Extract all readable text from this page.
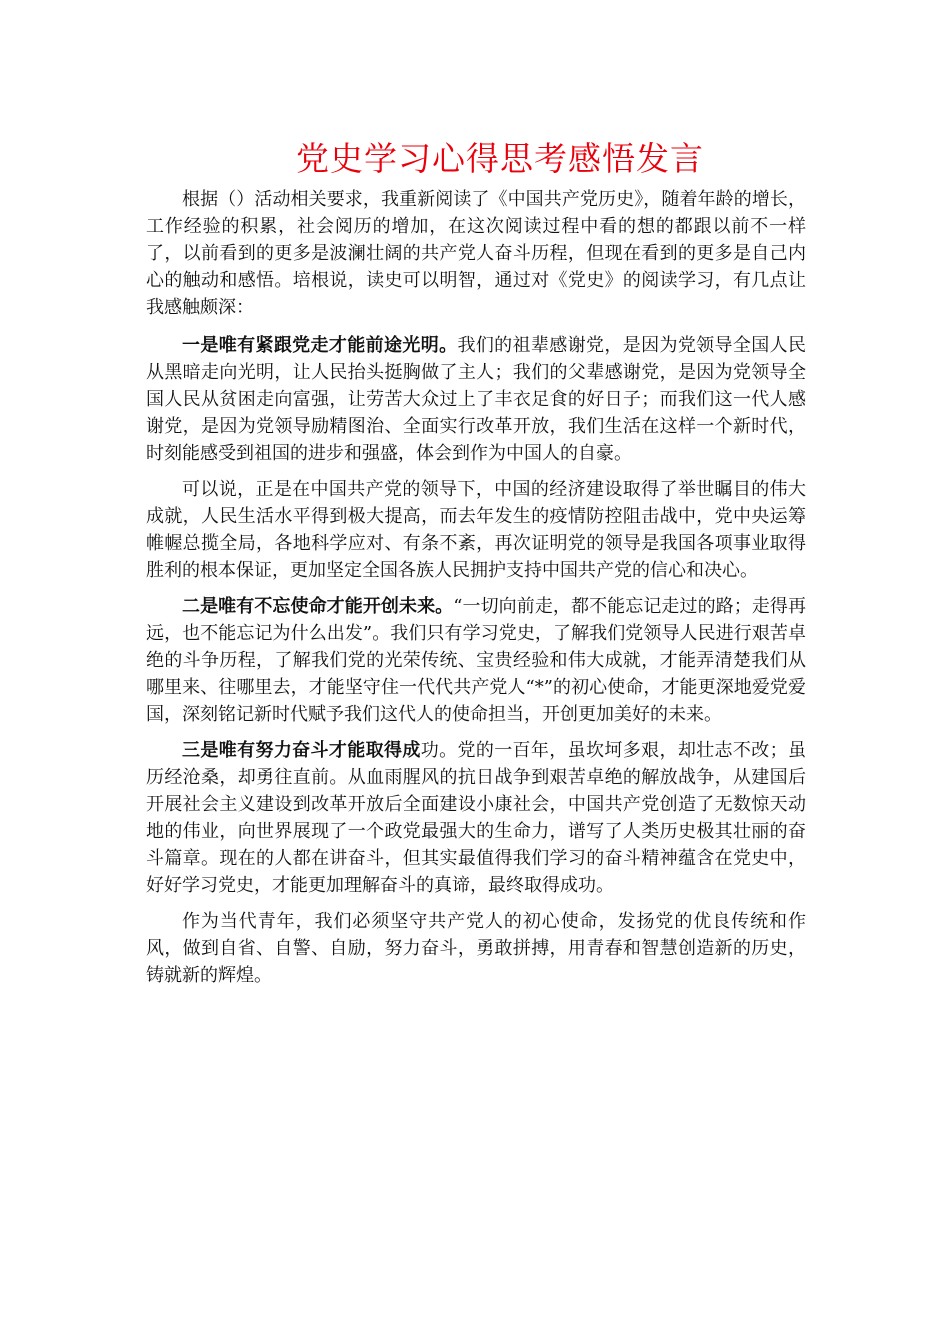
党史学习心得思考感悟发言

根据（）活动相关要求，我重新阅读了《中国共产党历史》，随着年龄的增长，工作经验的积累，社会阅历的增加，在这次阅读过程中看的想的都跟以前不一样了，以前看到的更多是波澜壮阔的共产党人奋斗历程，但现在看到的更多是自己内心的触动和感悟。培根说，读史可以明智，通过对《党史》的阅读学习，有几点让我感触颇深：

一是唯有紧跟党走才能前途光明。我们的祖辈感谢党，是因为党领导全国人民从黑暗走向光明，让人民抬头挺胸做了主人；我们的父辈感谢党，是因为党领导全国人民从贫困走向富强，让劳苦大众过上了丰衣足食的好日子；而我们这一代人感谢党，是因为党领导励精图治、全面实行改革开放，我们生活在这样一个新时代，时刻能感受到祖国的进步和强盛，体会到作为中国人的自豪。

可以说，正是在中国共产党的领导下，中国的经济建设取得了举世瞩目的伟大成就，人民生活水平得到极大提高，而去年发生的疫情防控阻击战中，党中央运筹帷幄总揽全局，各地科学应对、有条不紊，再次证明党的领导是我国各项事业取得胜利的根本保证，更加坚定全国各族人民拥护支持中国共产党的信心和决心。

二是唯有不忘使命才能开创未来。“一切向前走，都不能忘记走过的路；走得再远，也不能忘记为什么出发”。我们只有学习党史，了解我们党领导人民进行艰苦卓绝的斗争历程，了解我们党的光荣传统、宝贵经验和伟大成就，才能弄清楚我们从哪里来、往哪里去，才能坚守住一代代共产党人“*”的初心使命，才能更深地爱党爱国，深刻铭记新时代赋予我们这代人的使命担当，开创更加美好的未来。

三是唯有努力奋斗才能取得成功。党的一百年，虽坎坷多艰，却壮志不改；虽历经沧桑，却勇往直前。从血雨腥风的抗日战争到艰苦卓绝的解放战争，从建国后开展社会主义建设到改革开放后全面建设小康社会，中国共产党创造了无数惊天动地的伟业，向世界展现了一个政党最强大的生命力，谱写了人类历史极其壮丽的奋斗篇章。现在的人都在讲奋斗，但其实最值得我们学习的奋斗精神蕴含在党史中，好好学习党史，才能更加理解奋斗的真谛，最终取得成功。

作为当代青年，我们必须坚守共产党人的初心使命，发扬党的优良传统和作风，做到自省、自警、自励，努力奋斗，勇敢拼搏，用青春和智慧创造新的历史，铸就新的辉煌。
